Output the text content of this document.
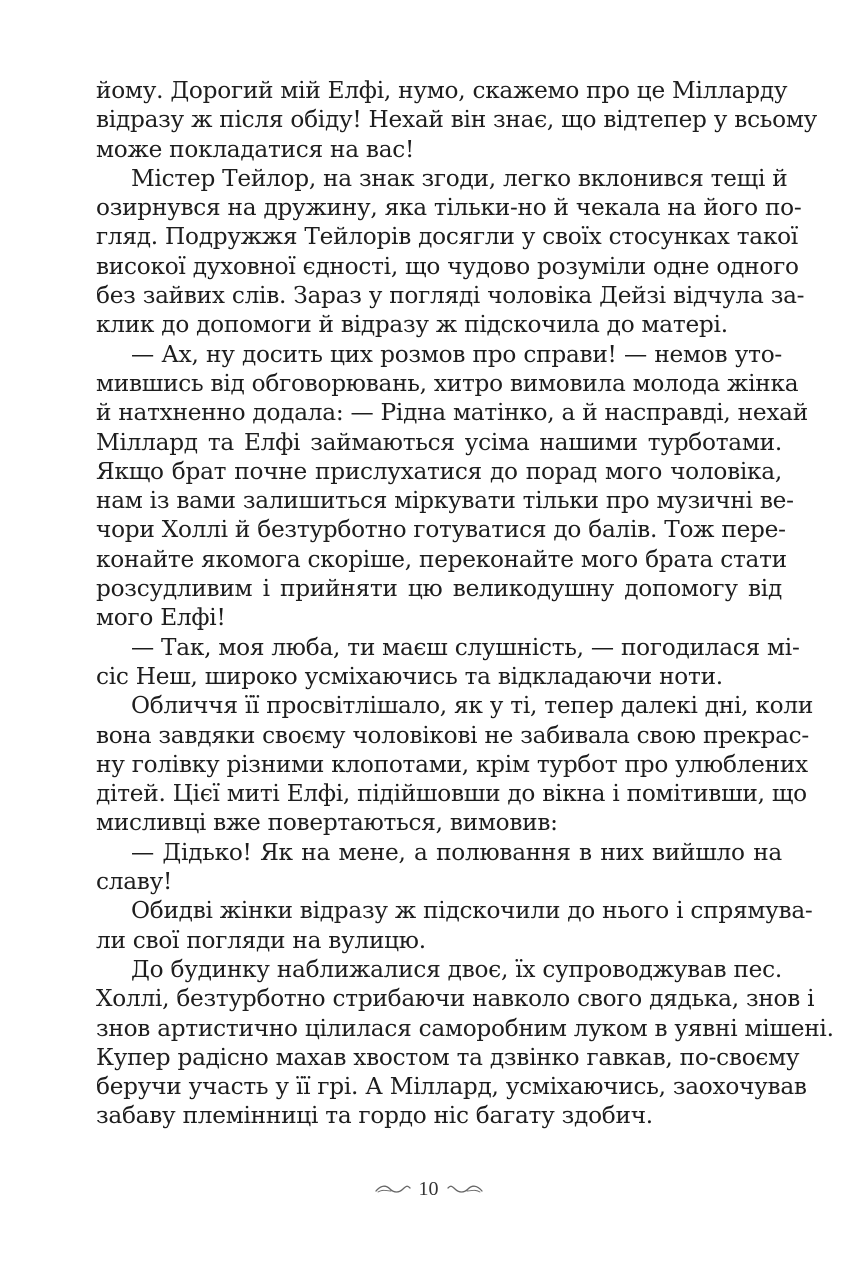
йому. Дорогий мій Елфі, нумо, скажемо про це Мілларду
відразу ж після обіду! Нехай він знає, що відтепер у всьому
може покладатися на вас!
Містер Тейлор, на знак згоди, легко вклонився тещі й
озирнувся на дружину, яка тільки-но й чекала на його по-
гляд. Подружжя Тейлорів досягли у своїх стосунках такої
високої духовної єдності, що чудово розуміли одне одного
без зайвих слів. Зараз у погляді чоловіка Дейзі відчула за-
клик до допомоги й відразу ж підскочила до матері.
— Ах, ну досить цих розмов про справи! — немов уто-
мившись від обговорювань, хитро вимовила молода жінка
й натхненно додала: — Рідна матінко, а й насправді, нехай
Міллард та Елфі займаються усіма нашими турботами.
Якщо брат почне прислухатися до порад мого чоловіка,
нам із вами залишиться міркувати тільки про музичні ве-
чори Холлі й безтурботно готуватися до балів. Тож пере-
конайте якомога скоріше, переконайте мого брата стати
розсудливим і прийняти цю великодушну допомогу від
мого Елфі!
— Так, моя люба, ти маєш слушність, — погодилася мі-
сіс Неш, широко усміхаючись та відкладаючи ноти.
Обличчя її просвітлішало, як у ті, тепер далекі дні, коли
вона завдяки своєму чоловікові не забивала свою прекрас-
ну голівку різними клопотами, крім турбот про улюблених
дітей. Цієї миті Елфі, підійшовши до вікна і помітивши, що
мисливці вже повертаються, вимовив:
— Дідько! Як на мене, а полювання в них вийшло на
славу!
Обидві жінки відразу ж підскочили до нього і спрямува-
ли свої погляди на вулицю.
До будинку наближалися двоє, їх супроводжував пес.
Холлі, безтурботно стрибаючи навколо свого дядька, знов і
знов артистично цілилася саморобним луком в уявні мішені.
Купер радісно махав хвостом та дзвінко гавкав, по-своєму
беручи участь у її грі. А Міллард, усміхаючись, заохочував
забаву племінниці та гордо ніс багату здобич.
10
